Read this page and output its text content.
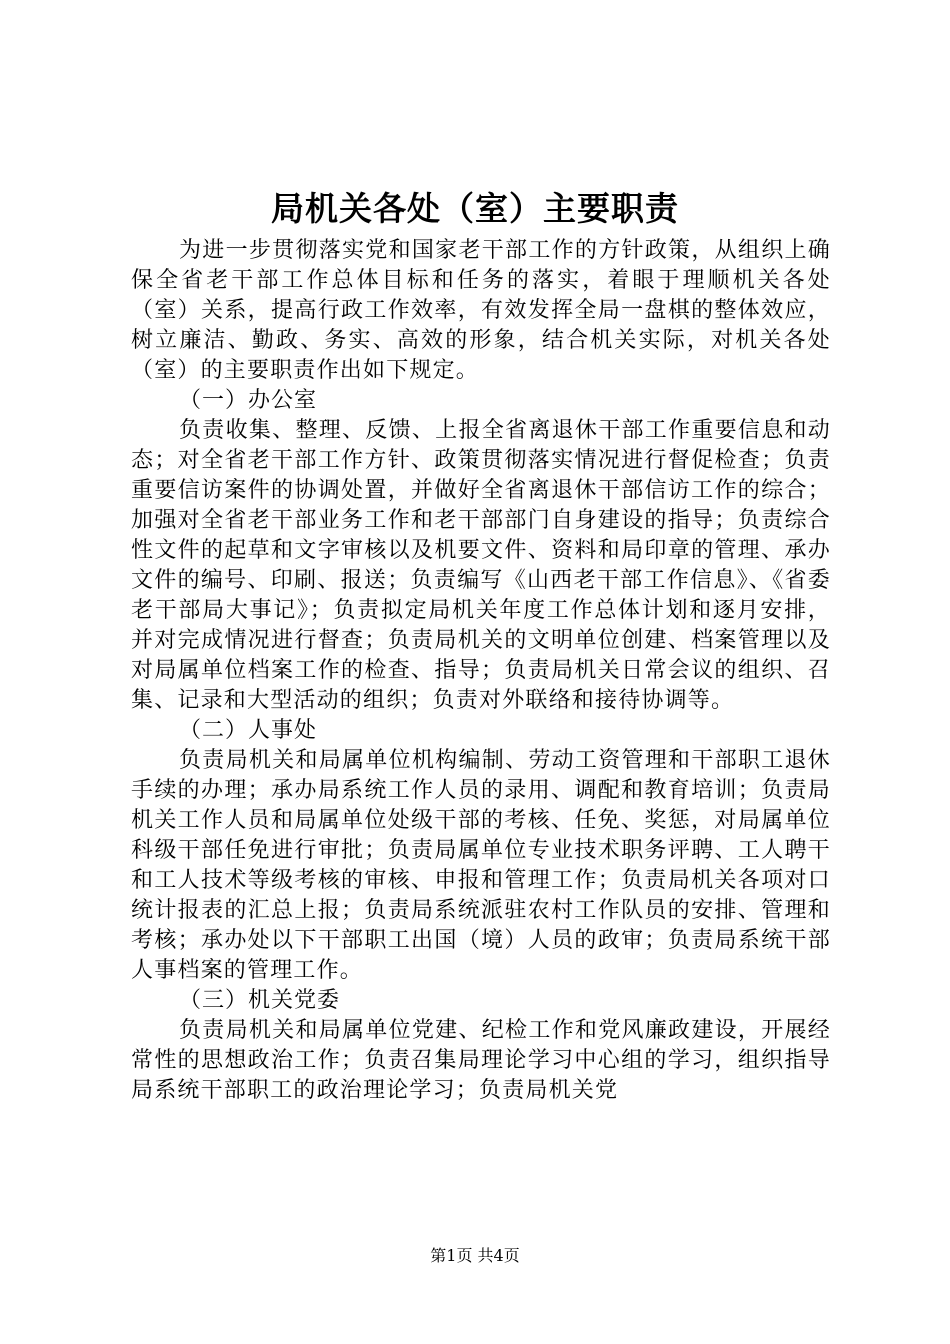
局机关各处（室）主要职责

为进一步贯彻落实党和国家老干部工作的方针政策，从组织上确保全省老干部工作总体目标和任务的落实，着眼于理顺机关各处（室）关系，提高行政工作效率，有效发挥全局一盘棋的整体效应，树立廉洁、勤政、务实、高效的形象，结合机关实际，对机关各处（室）的主要职责作出如下规定。

（一）办公室

负责收集、整理、反馈、上报全省离退休干部工作重要信息和动态；对全省老干部工作方针、政策贯彻落实情况进行督促检查；负责重要信访案件的协调处置，并做好全省离退休干部信访工作的综合；加强对全省老干部业务工作和老干部部门自身建设的指导；负责综合性文件的起草和文字审核以及机要文件、资料和局印章的管理、承办文件的编号、印刷、报送；负责编写《山西老干部工作信息》、《省委老干部局大事记》；负责拟定局机关年度工作总体计划和逐月安排，并对完成情况进行督查；负责局机关的文明单位创建、档案管理以及对局属单位档案工作的检查、指导；负责局机关日常会议的组织、召集、记录和大型活动的组织；负责对外联络和接待协调等。

（二）人事处

负责局机关和局属单位机构编制、劳动工资管理和干部职工退休手续的办理；承办局系统工作人员的录用、调配和教育培训；负责局机关工作人员和局属单位处级干部的考核、任免、奖惩，对局属单位科级干部任免进行审批；负责局属单位专业技术职务评聘、工人聘干和工人技术等级考核的审核、申报和管理工作；负责局机关各项对口统计报表的汇总上报；负责局系统派驻农村工作队员的安排、管理和考核；承办处以下干部职工出国（境）人员的政审；负责局系统干部人事档案的管理工作。

（三）机关党委

负责局机关和局属单位党建、纪检工作和党风廉政建设，开展经常性的思想政治工作；负责召集局理论学习中心组的学习，组织指导局系统干部职工的政治理论学习；负责局机关党

第1页 共4页
